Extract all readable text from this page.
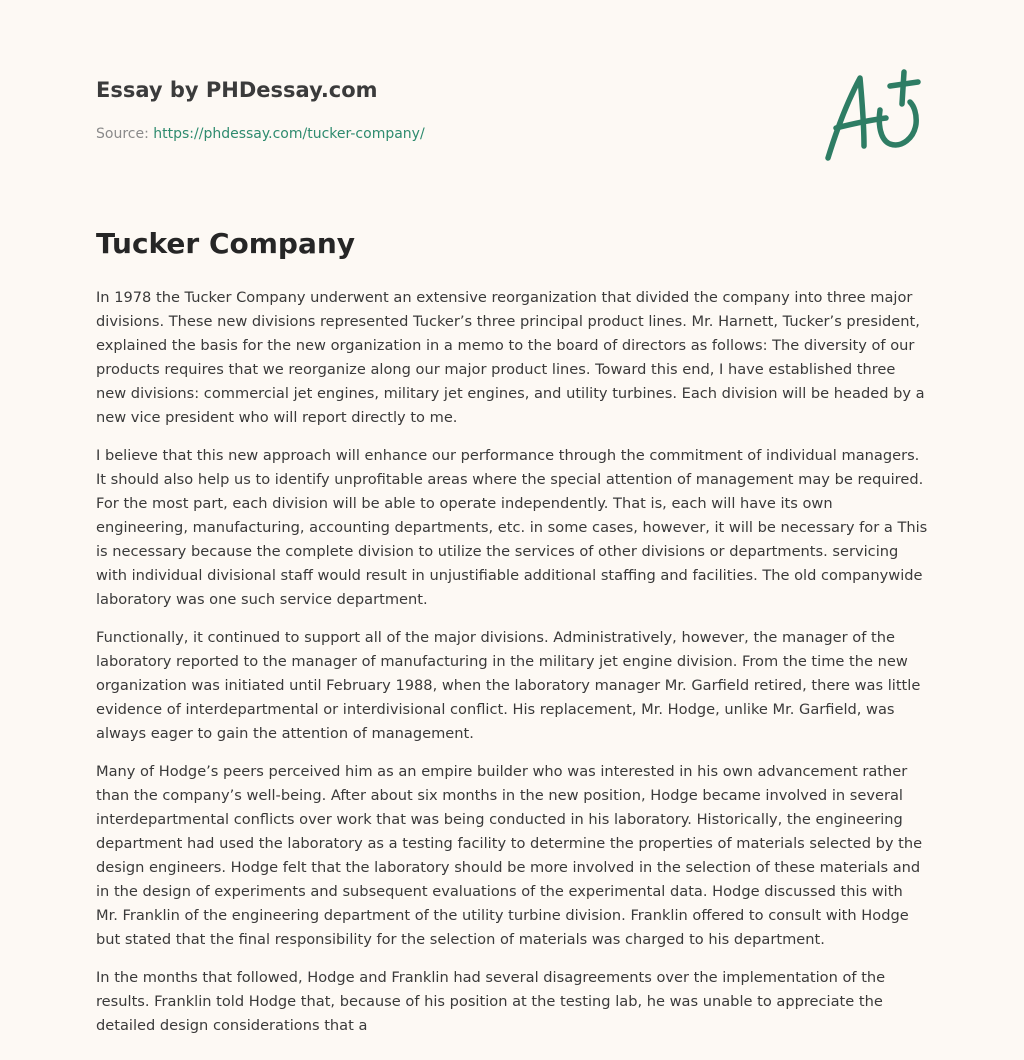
Essay by PHDessay.com
Source: https://phdessay.com/tucker-company/
Tucker Company

In 1978 the Tucker Company underwent an extensive reorganization that divided the company into three major divisions. These new divisions represented Tucker’s three principal product lines. Mr. Harnett, Tucker’s president, explained the basis for the new organization in a memo to the board of directors as follows: The diversity of our products requires that we reorganize along our major product lines. Toward this end, I have established three new divisions: commercial jet engines, military jet engines, and utility turbines. Each division will be headed by a new vice president who will report directly to me.

I believe that this new approach will enhance our performance through the commitment of individual managers. It should also help us to identify unprofitable areas where the special attention of management may be required. For the most part, each division will be able to operate independently. That is, each will have its own engineering, manufacturing, accounting departments, etc. in some cases, however, it will be necessary for a This is necessary because the complete division to utilize the services of other divisions or departments. servicing with individual divisional staff would result in unjustifiable additional staffing and facilities. The old companywide laboratory was one such service department.

Functionally, it continued to support all of the major divisions. Administratively, however, the manager of the laboratory reported to the manager of manufacturing in the military jet engine division. From the time the new organization was initiated until February 1988, when the laboratory manager Mr. Garfield retired, there was little evidence of interdepartmental or interdivisional conflict. His replacement, Mr. Hodge, unlike Mr. Garfield, was always eager to gain the attention of management.

Many of Hodge’s peers perceived him as an empire builder who was interested in his own advancement rather than the company’s well-being. After about six months in the new position, Hodge became involved in several interdepartmental conflicts over work that was being conducted in his laboratory. Historically, the engineering department had used the laboratory as a testing facility to determine the properties of materials selected by the design engineers. Hodge felt that the laboratory should be more involved in the selection of these materials and in the design of experiments and subsequent evaluations of the experimental data. Hodge discussed this with Mr. Franklin of the engineering department of the utility turbine division. Franklin offered to consult with Hodge but stated that the final responsibility for the selection of materials was charged to his department.

In the months that followed, Hodge and Franklin had several disagreements over the implementation of the results. Franklin told Hodge that, because of his position at the testing lab, he was unable to appreciate the detailed design considerations that a
